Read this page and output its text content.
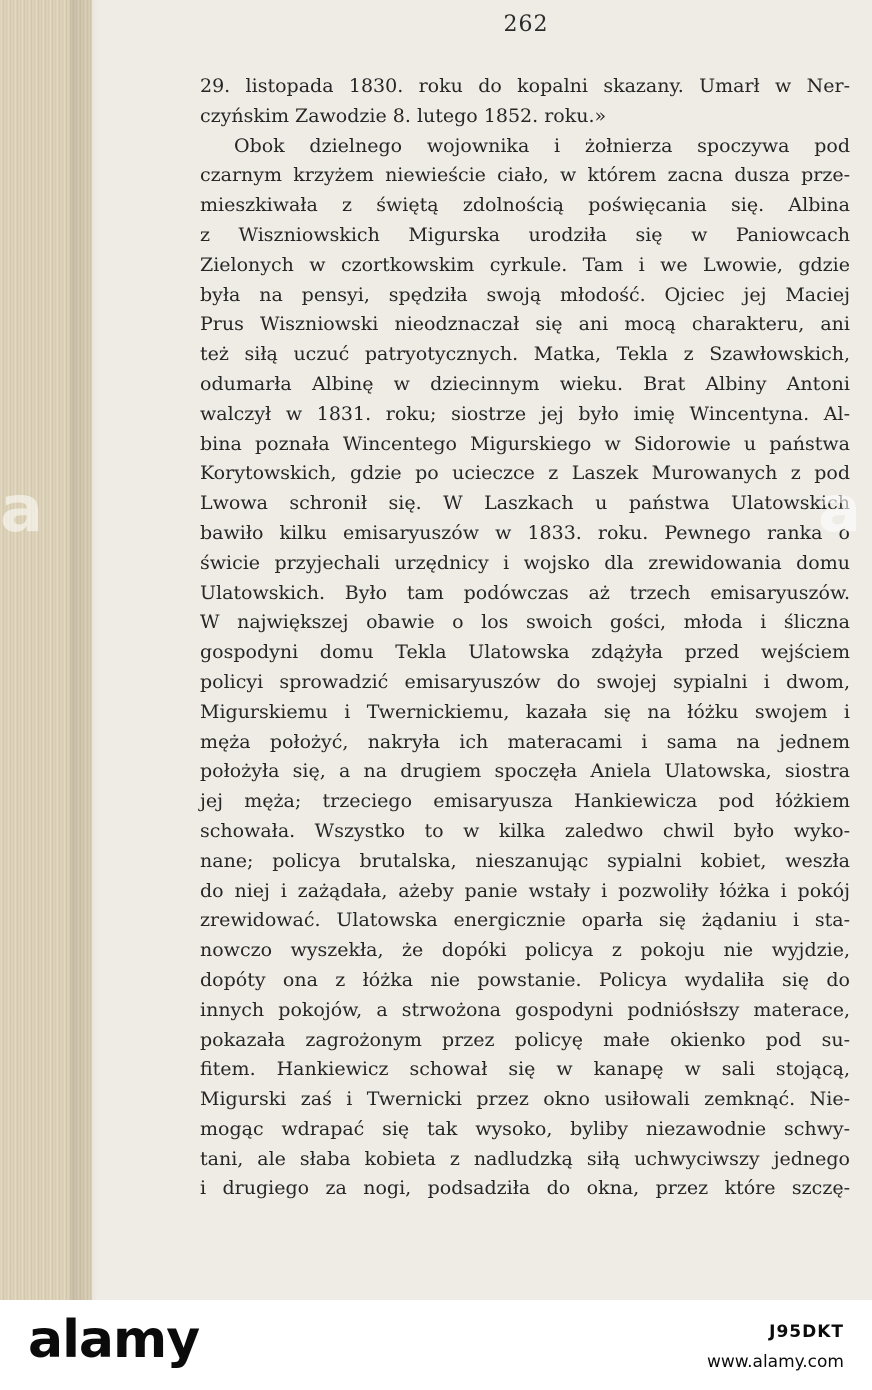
262
29. listopada 1830. roku do kopalni skazany. Umarł w Ner-
czyńskim Zawodzie 8. lutego 1852. roku.»
Obok dzielnego wojownika i żołnierza spoczywa pod
czarnym krzyżem niewieście ciało, w którem zacna dusza prze-
mieszkiwała z świętą zdolnością poświęcania się. Albina
z Wiszniowskich Migurska urodziła się w Paniowcach
Zielonych w czortkowskim cyrkule. Tam i we Lwowie, gdzie
była na pensyi, spędziła swoją młodość. Ojciec jej Maciej
Prus Wiszniowski nieodznaczał się ani mocą charakteru, ani
też siłą uczuć patryotycznych. Matka, Tekla z Szawłowskich,
odumarła Albinę w dziecinnym wieku. Brat Albiny Antoni
walczył w 1831. roku; siostrze jej było imię Wincentyna. Al-
bina poznała Wincentego Migurskiego w Sidorowie u państwa
Korytowskich, gdzie po ucieczce z Laszek Murowanych z pod
Lwowa schronił się. W Laszkach u państwa Ulatowskich
bawiło kilku emisaryuszów w 1833. roku. Pewnego ranka o
świcie przyjechali urzędnicy i wojsko dla zrewidowania domu
Ulatowskich. Było tam podówczas aż trzech emisaryuszów.
W największej obawie o los swoich gości, młoda i śliczna
gospodyni domu Tekla Ulatowska zdążyła przed wejściem
policyi sprowadzić emisaryuszów do swojej sypialni i dwom,
Migurskiemu i Twernickiemu, kazała się na łóżku swojem i
męża położyć, nakryła ich materacami i sama na jednem
położyła się, a na drugiem spoczęła Aniela Ulatowska, siostra
jej męża; trzeciego emisaryusza Hankiewicza pod łóżkiem
schowała. Wszystko to w kilka zaledwo chwil było wyko-
nane; policya brutalska, nieszanując sypialni kobiet, weszła
do niej i zażądała, ażeby panie wstały i pozwoliły łóżka i pokój
zrewidować. Ulatowska energicznie oparła się żądaniu i sta-
nowczo wyszekła, że dopóki policya z pokoju nie wyjdzie,
dopóty ona z łóżka nie powstanie. Policya wydaliła się do
innych pokojów, a strwożona gospodyni podniósłszy materace,
pokazała zagrożonym przez policyę małe okienko pod su-
fitem. Hankiewicz schował się w kanapę w sali stojącą,
Migurski zaś i Twernicki przez okno usiłowali zemknąć. Nie-
mogąc wdrapać się tak wysoko, byliby niezawodnie schwy-
tani, ale słaba kobieta z nadludzką siłą uchwyciwszy jednego
i drugiego za nogi, podsadziła do okna, przez które szczę-
a	a
alamy	J95DKT
www.alamy.com
